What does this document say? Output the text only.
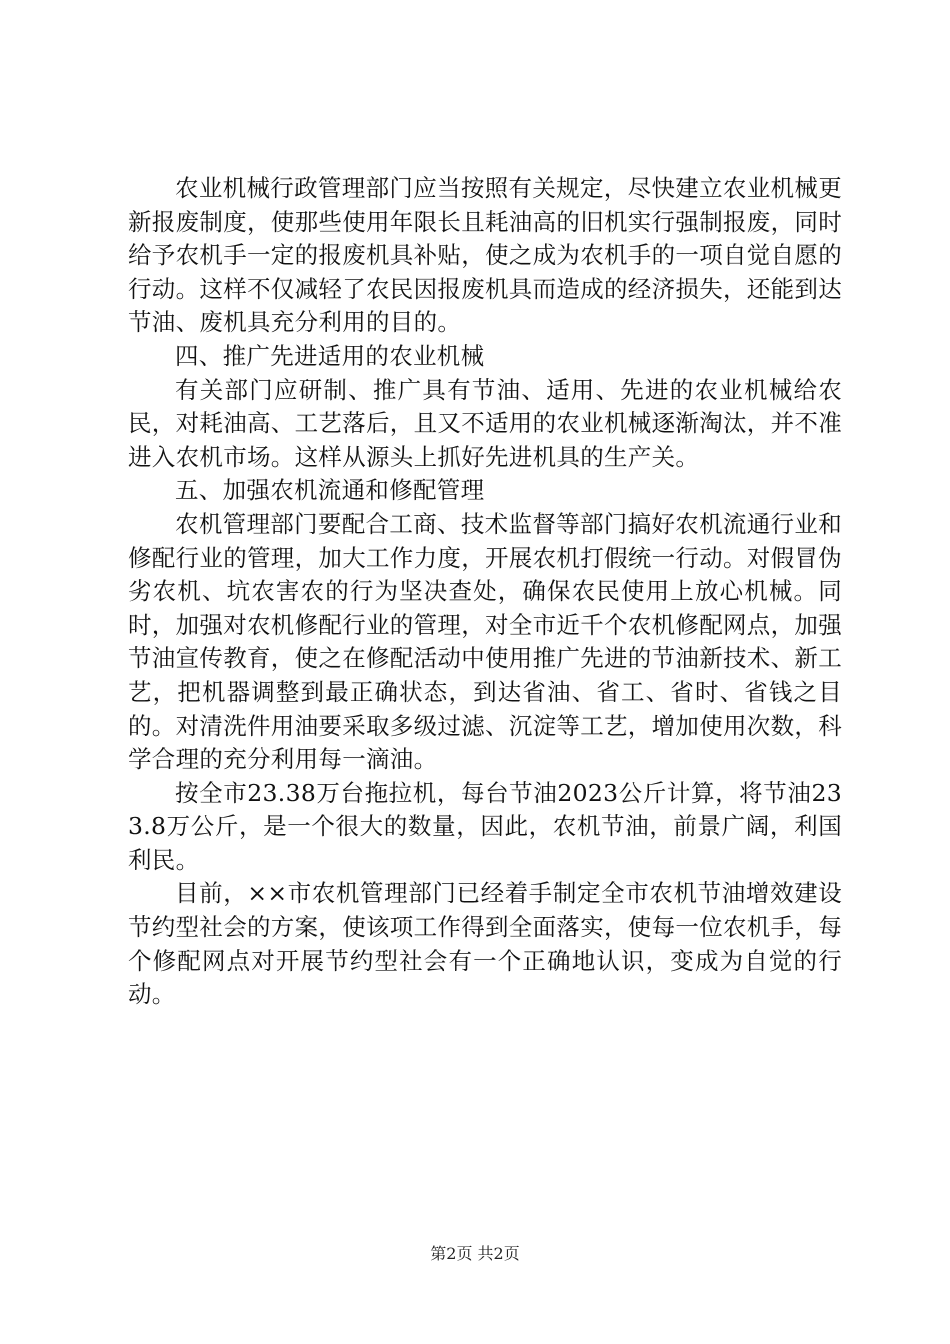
农业机械行政管理部门应当按照有关规定，尽快建立农业机械更新报废制度，使那些使用年限长且耗油高的旧机实行强制报废，同时给予农机手一定的报废机具补贴，使之成为农机手的一项自觉自愿的行动。这样不仅减轻了农民因报废机具而造成的经济损失，还能到达节油、废机具充分利用的目的。

四、推广先进适用的农业机械

有关部门应研制、推广具有节油、适用、先进的农业机械给农民，对耗油高、工艺落后，且又不适用的农业机械逐渐淘汰，并不准进入农机市场。这样从源头上抓好先进机具的生产关。

五、加强农机流通和修配管理

农机管理部门要配合工商、技术监督等部门搞好农机流通行业和修配行业的管理，加大工作力度，开展农机打假统一行动。对假冒伪劣农机、坑农害农的行为坚决查处，确保农民使用上放心机械。同时，加强对农机修配行业的管理，对全市近千个农机修配网点，加强节油宣传教育，使之在修配活动中使用推广先进的节油新技术、新工艺，把机器调整到最正确状态，到达省油、省工、省时、省钱之目的。对清洗件用油要采取多级过滤、沉淀等工艺，增加使用次数，科学合理的充分利用每一滴油。

按全市23.38万台拖拉机，每台节油2023公斤计算，将节油233.8万公斤，是一个很大的数量，因此，农机节油，前景广阔，利国利民。

目前，××市农机管理部门已经着手制定全市农机节油增效建设节约型社会的方案，使该项工作得到全面落实，使每一位农机手，每个修配网点对开展节约型社会有一个正确地认识，变成为自觉的行动。

第2页 共2页
